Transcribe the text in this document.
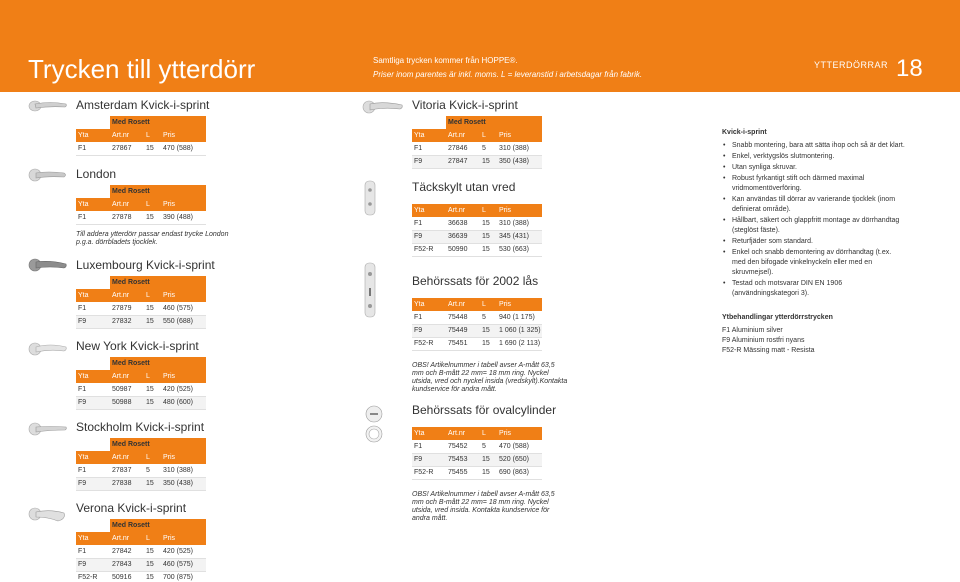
Trycken till ytterdörr	Samtliga trycken kommer från HOPPE®.
Priser inom parentes är inkl. moms. L = leveranstid i arbetsdagar från fabrik.
YTTERDÖRRAR 18
Amsterdam Kvick-i-sprint
	Med Rosett		
Yta	Art.nr	L	Pris
F1	27867	15	470 (588)
London
	Med Rosett		
Yta	Art.nr	L	Pris
F1	27878	15	390 (488)
Till addera ytterdörr passar endast trycke London
p.g.a. dörrbladets tjocklek.
Luxembourg Kvick-i-sprint
	Med Rosett		
Yta	Art.nr	L	Pris
F1	27879	15	460 (575)
F9	27832	15	550 (688)
New York Kvick-i-sprint
	Med Rosett		
Yta	Art.nr	L	Pris
F1	50987	15	420 (525)
F9	50988	15	480 (600)
Stockholm Kvick-i-sprint
	Med Rosett		
Yta	Art.nr	L	Pris
F1	27837	5	310 (388)
F9	27838	15	350 (438)
Verona Kvick-i-sprint
	Med Rosett		
Yta	Art.nr	L	Pris
F1	27842	15	420 (525)
F9	27843	15	460 (575)
F52-R	50916	15	700 (875)
Vitoria Kvick-i-sprint
	Med Rosett		
Yta	Art.nr	L	Pris
F1	27846	5	310 (388)
F9	27847	15	350 (438)
Täckskylt utan vred
Yta	Art.nr	L	Pris
F1	36638	15	310 (388)
F9	36639	15	345 (431)
F52-R	50990	15	530 (663)
Behörssats för 2002 lås
Yta	Art.nr	L	Pris
F1	75448	5	940 (1 175)
F9	75449	15	1 060 (1 325)
F52-R	75451	15	1 690 (2 113)
OBS! Artikelnummer i tabell avser A-mått 63,5
mm och B-mått 22 mm= 18 mm ring. Nyckel
utsida, vred och nyckel insida (vredskylt).Kontakta
kundservice för andra mått.
Behörssats för ovalcylinder
Yta	Art.nr	L	Pris
F1	75452	5	470 (588)
F9	75453	15	520 (650)
F52-R	75455	15	690 (863)
OBS! Artikelnummer i tabell avser A-mått 63,5
mm och B-mått 22 mm= 18 mm ring. Nyckel
utsida, vred insida. Kontakta kundservice för
andra mått.
Kvick-i-sprint
• Snabb montering, bara att sätta ihop och så är det klart.
• Enkel, verktygslös slutmontering.
• Utan synliga skruvar.
• Robust fyrkantigt stift och därmed maximal
vridmomentöverföring.
• Kan användas till dörrar av varierande tjocklek (inom
definierat område).
• Hållbart, säkert och glappfritt montage av dörrhandtag
(steglöst fäste).
• Returfjäder som standard.
• Enkel och snabb demontering av dörrhandtag (t.ex.
med den bifogade vinkelnyckeln eller med en
skruvmejsel).
• Testad och motsvarar DIN EN 1906
(användningskategori 3).
Ytbehandlingar ytterdörrstrycken
F1 Aluminium silver
F9 Aluminium rostfri nyans
F52-R Mässing matt - Resista
